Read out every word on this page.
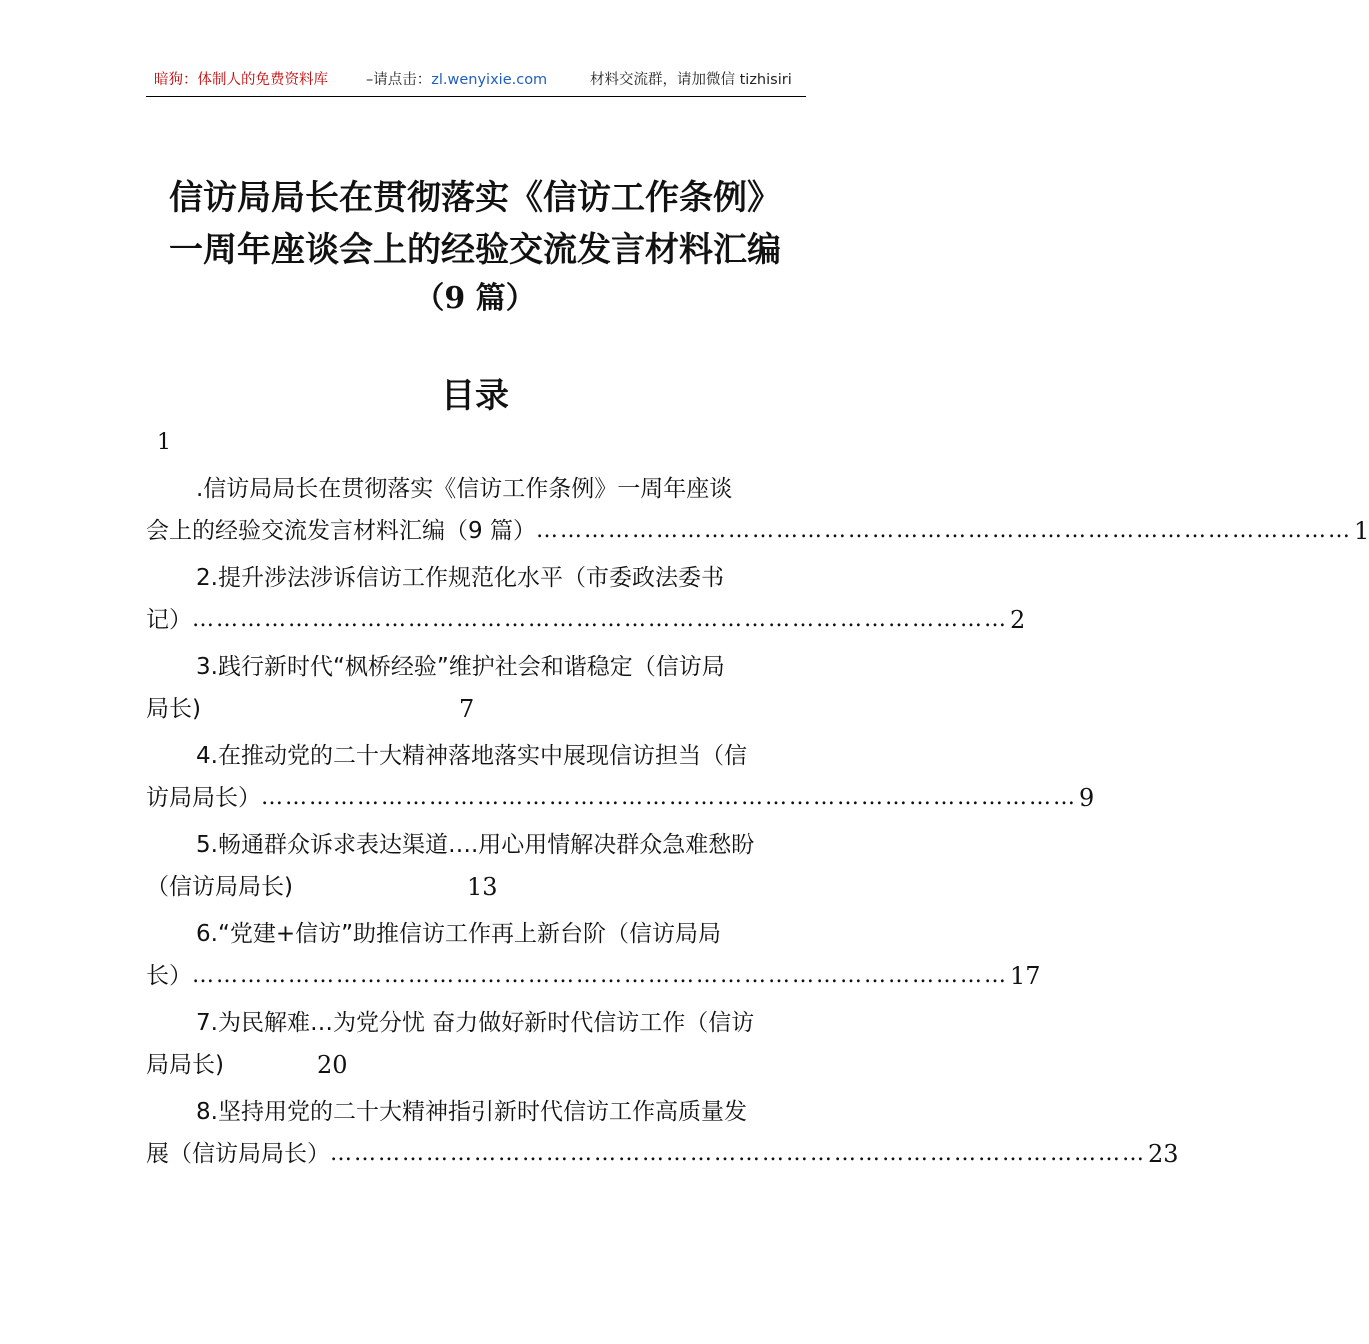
暗狗：体制人的免费资料库	–请点击：zl.wenyixie.com	材料交流群，请加微信 tizhisiri
信访局局长在贯彻落实《信访工作条例》
一周年座谈会上的经验交流发言材料汇编
（9 篇）
目录
1
.信访局局长在贯彻落实《信访工作条例》一周年座谈
会上的经验交流发言材料汇编（9 篇） ………………………………………………………………………………………… 1
2.提升涉法涉诉信访工作规范化水平（市委政法委书
记） ………………………………………………………………………………………… 2
3.践行新时代“枫桥经验”维护社会和谐稳定（信访局
局长)	7
4.在推动党的二十大精神落地落实中展现信访担当（信
访局局长） ………………………………………………………………………………………… 9
5.畅通群众诉求表达渠道….用心用情解决群众急难愁盼
（信访局局长)	13
6.“党建+信访”助推信访工作再上新台阶（信访局局
长） ………………………………………………………………………………………… 17
7.为民解难…为党分忧 奋力做好新时代信访工作（信访
局局长)	20
8.坚持用党的二十大精神指引新时代信访工作高质量发
展（信访局局长） ………………………………………………………………………………………… 23
